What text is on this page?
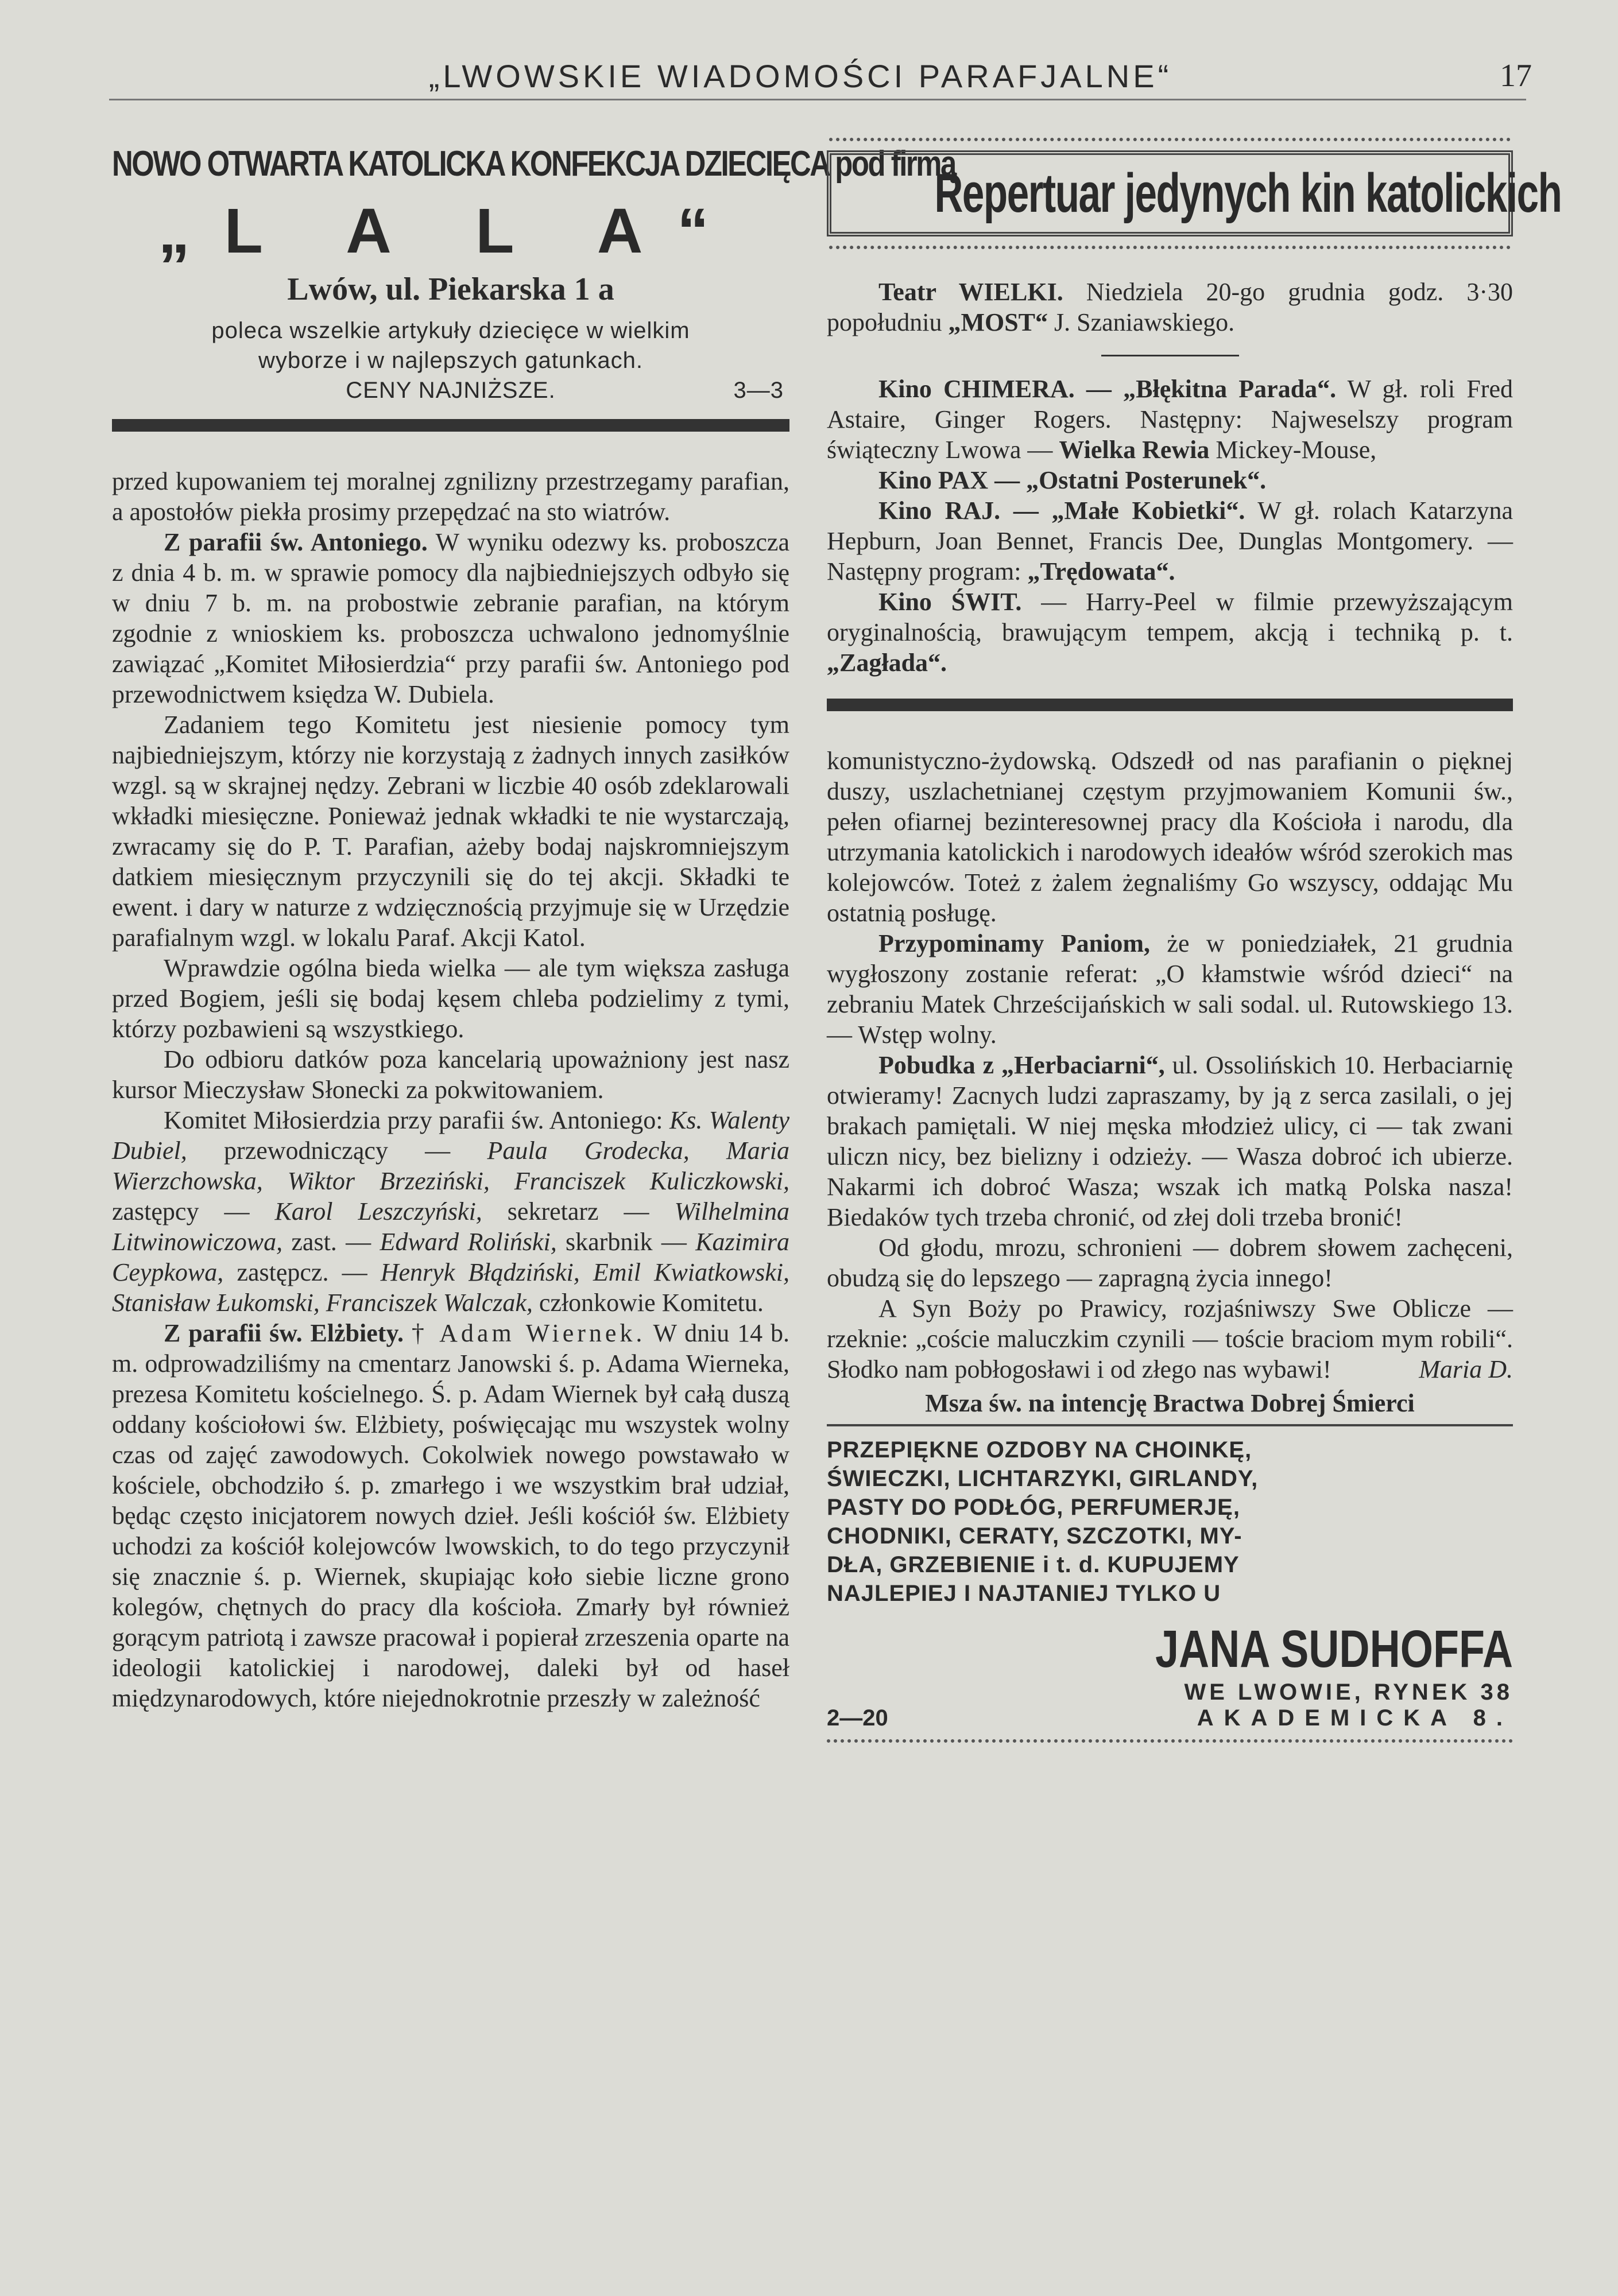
„LWOWSKIE WIADOMOŚCI PARAFJALNE“	17

NOWO OTWARTA KATOLICKA KONFEKCJA DZIECIĘCA pod firmą

„L A L A“

Lwów, ul. Piekarska 1 a

poleca wszelkie artykuły dziecięce w wielkim

wyborze i w najlepszych gatunkach.

CENY NAJNIŻSZE.	3—3

przed kupowaniem tej moralnej zgnilizny przestrzegamy parafian, a apostołów piekła prosimy przepędzać na sto wiatrów.

Z parafii św. Antoniego. W wyniku odezwy ks. proboszcza z dnia 4 b. m. w sprawie pomocy dla najbiedniejszych odbyło się w dniu 7 b. m. na probostwie zebranie parafian, na którym zgodnie z wnioskiem ks. proboszcza uchwalono jednomyślnie zawiązać „Komitet Miłosierdzia“ przy parafii św. Antoniego pod przewodnictwem księdza W. Dubiela.

Zadaniem tego Komitetu jest niesienie pomocy tym najbiedniejszym, którzy nie korzystają z żadnych innych zasiłków wzgl. są w skrajnej nędzy. Zebrani w liczbie 40 osób zdeklarowali wkładki miesięczne. Ponieważ jednak wkładki te nie wystarczają, zwracamy się do P. T. Parafian, ażeby bodaj najskromniejszym datkiem miesięcznym przyczynili się do tej akcji. Składki te ewent. i dary w naturze z wdzięcznością przyjmuje się w Urzędzie parafialnym wzgl. w lokalu Paraf. Akcji Katol.

Wprawdzie ogólna bieda wielka — ale tym większa zasługa przed Bogiem, jeśli się bodaj kęsem chleba podzielimy z tymi, którzy pozbawieni są wszystkiego.

Do odbioru datków poza kancelarią upoważniony jest nasz kursor Mieczysław Słonecki za pokwitowaniem.

Komitet Miłosierdzia przy parafii św. Antoniego: Ks. Walenty Dubiel, przewodniczący — Paula Grodecka, Maria Wierzchowska, Wiktor Brzeziński, Franciszek Kuliczkowski, zastępcy — Karol Leszczyński, sekretarz — Wilhelmina Litwinowiczowa, zast. — Edward Roliński, skarbnik — Kazimira Ceypkowa, zastępcz. — Henryk Błądziński, Emil Kwiatkowski, Stanisław Łukomski, Franciszek Walczak, członkowie Komitetu.

Z parafii św. Elżbiety. † Adam Wiernek. W dniu 14 b. m. odprowadziliśmy na cmentarz Janowski ś. p. Adama Wierneka, prezesa Komitetu kościelnego. Ś. p. Adam Wiernek był całą duszą oddany kościołowi św. Elżbiety, poświęcając mu wszystek wolny czas od zajęć zawodowych. Cokolwiek nowego powstawało w kościele, obchodziło ś. p. zmarłego i we wszystkim brał udział, będąc często inicjatorem nowych dzieł. Jeśli kościół św. Elżbiety uchodzi za kościół kolejowców lwowskich, to do tego przyczynił się znacznie ś. p. Wiernek, skupiając koło siebie liczne grono kolegów, chętnych do pracy dla kościoła. Zmarły był również gorącym patriotą i zawsze pracował i popierał zrzeszenia oparte na ideologii katolickiej i narodowej, daleki był od haseł międzynarodowych, które niejednokrotnie przeszły w zależność

Repertuar jedynych kin katolickich

Teatr WIELKI. Niedziela 20-go grudnia godz. 3·30 popołudniu „MOST“ J. Szaniawskiego.

Kino CHIMERA. — „Błękitna Parada“. W gł. roli Fred Astaire, Ginger Rogers. Następny: Najweselszy program świąteczny Lwowa — Wielka Rewia Mickey-Mouse,

Kino PAX — „Ostatni Posterunek“.

Kino RAJ. — „Małe Kobietki“. W gł. rolach Katarzyna Hepburn, Joan Bennet, Francis Dee, Dunglas Montgomery. — Następny program: „Trędowata“.

Kino ŚWIT. — Harry-Peel w filmie przewyższającym oryginalnością, brawującym tempem, akcją i techniką p. t. „Zagłada“.

komunistyczno-żydowską. Odszedł od nas parafianin o pięknej duszy, uszlachetnianej częstym przyjmowaniem Komunii św., pełen ofiarnej bezinteresownej pracy dla Kościoła i narodu, dla utrzymania katolickich i narodowych ideałów wśród szerokich mas kolejowców. Toteż z żalem żegnaliśmy Go wszyscy, oddając Mu ostatnią posługę.

Przypominamy Paniom, że w poniedziałek, 21 grudnia wygłoszony zostanie referat: „O kłamstwie wśród dzieci“ na zebraniu Matek Chrześcijańskich w sali sodal. ul. Rutowskiego 13. — Wstęp wolny.

Pobudka z „Herbaciarni“, ul. Ossolińskich 10. Herbaciarnię otwieramy! Zacnych ludzi zapraszamy, by ją z serca zasilali, o jej brakach pamiętali. W niej męska młodzież ulicy, ci — tak zwani uliczn nicy, bez bielizny i odzieży. — Wasza dobroć ich ubierze. Nakarmi ich dobroć Wasza; wszak ich matką Polska nasza! Biedaków tych trzeba chronić, od złej doli trzeba bronić!

Od głodu, mrozu, schronieni — dobrem słowem zachęceni, obudzą się do lepszego — zapragną życia innego!

A Syn Boży po Prawicy, rozjaśniwszy Swe Oblicze — rzeknie: „coście maluczkim czynili — toście braciom mym robili“. Słodko nam pobłogosławi i od złego nas wybawi!	Maria D.

Msza św. na intencję Bractwa Dobrej Śmierci

PRZEPIĘKNE OZDOBY NA CHOINKĘ,

ŚWIECZKI, LICHTARZYKI, GIRLANDY,

PASTY DO PODŁÓG, PERFUMERJĘ,

CHODNIKI, CERATY, SZCZOTKI, MY-

DŁA, GRZEBIENIE i t. d. KUPUJEMY

NAJLEPIEJ I NAJTANIEJ TYLKO U

JANA SUDHOFFA

WE LWOWIE, RYNEK 38

2—20	AKADEMICKA 8.
